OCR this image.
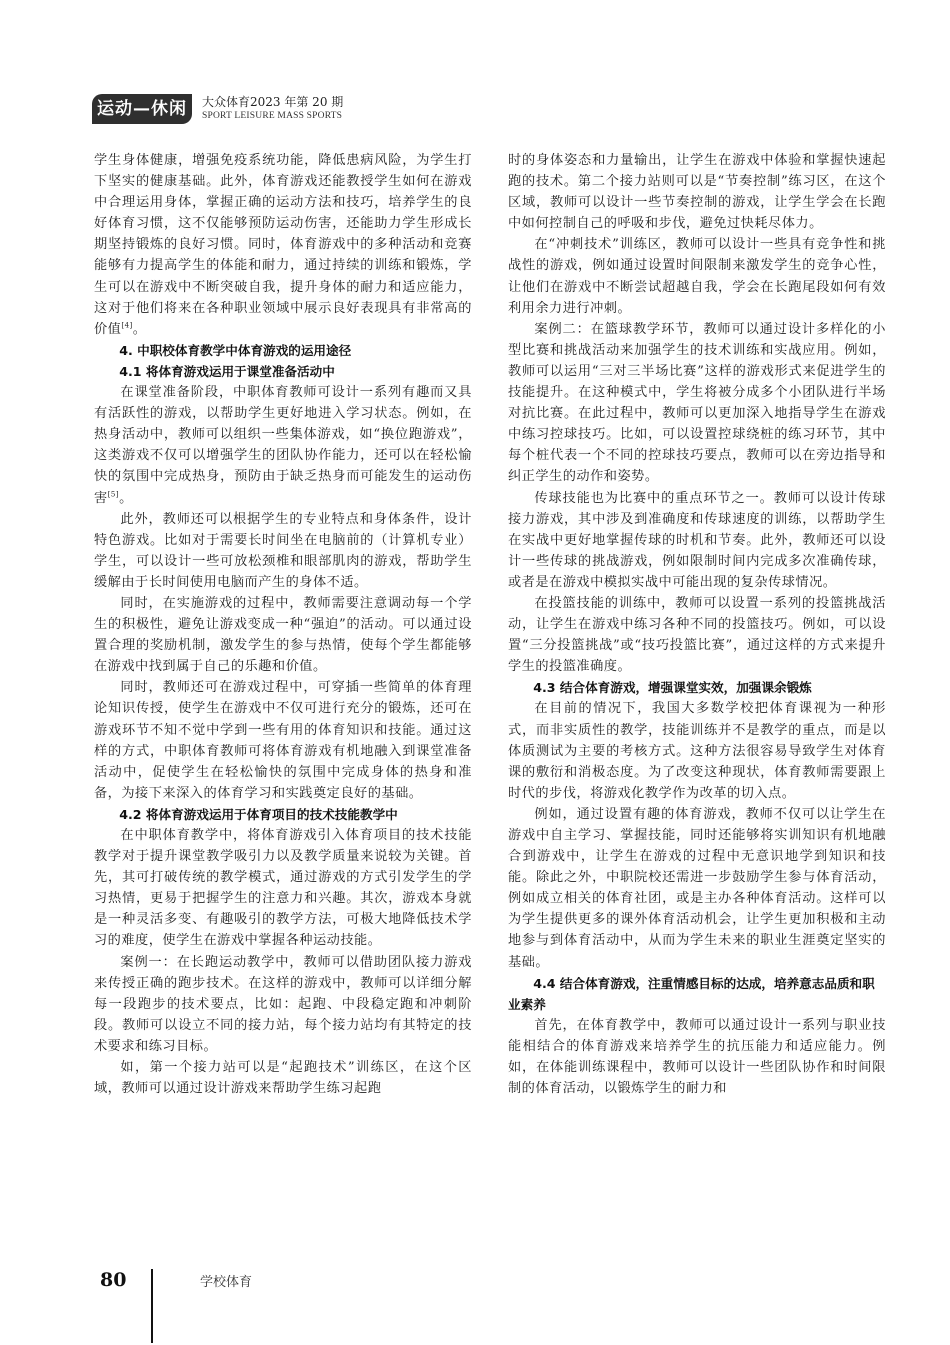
运动—休闲	大众体育2023 年第 20 期
SPORT LEISURE MASS SPORTS

学生身体健康，增强免疫系统功能，降低患病风险，为学生打下坚实的健康基础。此外，体育游戏还能教授学生如何在游戏中合理运用身体，掌握正确的运动方法和技巧，培养学生的良好体育习惯，这不仅能够预防运动伤害，还能助力学生形成长期坚持锻炼的良好习惯。同时，体育游戏中的多种活动和竞赛能够有力提高学生的体能和耐力，通过持续的训练和锻炼，学生可以在游戏中不断突破自我，提升身体的耐力和适应能力，这对于他们将来在各种职业领域中展示良好表现具有非常高的价值[4]。

4. 中职校体育教学中体育游戏的运用途径
4.1 将体育游戏运用于课堂准备活动中

在课堂准备阶段，中职体育教师可设计一系列有趣而又具有活跃性的游戏，以帮助学生更好地进入学习状态。例如，在热身活动中，教师可以组织一些集体游戏，如“换位跑游戏”，这类游戏不仅可以增强学生的团队协作能力，还可以在轻松愉快的氛围中完成热身，预防由于缺乏热身而可能发生的运动伤害[5]。

此外，教师还可以根据学生的专业特点和身体条件，设计特色游戏。比如对于需要长时间坐在电脑前的（计算机专业）学生，可以设计一些可放松颈椎和眼部肌肉的游戏，帮助学生缓解由于长时间使用电脑而产生的身体不适。

同时，在实施游戏的过程中，教师需要注意调动每一个学生的积极性，避免让游戏变成一种“强迫”的活动。可以通过设置合理的奖励机制，激发学生的参与热情，使每个学生都能够在游戏中找到属于自己的乐趣和价值。

同时，教师还可在游戏过程中，可穿插一些简单的体育理论知识传授，使学生在游戏中不仅可进行充分的锻炼，还可在游戏环节不知不觉中学到一些有用的体育知识和技能。通过这样的方式，中职体育教师可将体育游戏有机地融入到课堂准备活动中，促使学生在轻松愉快的氛围中完成身体的热身和准备，为接下来深入的体育学习和实践奠定良好的基础。

4.2 将体育游戏运用于体育项目的技术技能教学中

在中职体育教学中，将体育游戏引入体育项目的技术技能教学对于提升课堂教学吸引力以及教学质量来说较为关键。首先，其可打破传统的教学模式，通过游戏的方式引发学生的学习热情，更易于把握学生的注意力和兴趣。其次，游戏本身就是一种灵活多变、有趣吸引的教学方法，可极大地降低技术学习的难度，使学生在游戏中掌握各种运动技能。

案例一：在长跑运动教学中，教师可以借助团队接力游戏来传授正确的跑步技术。在这样的游戏中，教师可以详细分解每一段跑步的技术要点，比如：起跑、中段稳定跑和冲刺阶段。教师可以设立不同的接力站，每个接力站均有其特定的技术要求和练习目标。

如，第一个接力站可以是“起跑技术”训练区，在这个区域，教师可以通过设计游戏来帮助学生练习起跑

时的身体姿态和力量输出，让学生在游戏中体验和掌握快速起跑的技术。第二个接力站则可以是“节奏控制”练习区，在这个区域，教师可以设计一些节奏控制的游戏，让学生学会在长跑中如何控制自己的呼吸和步伐，避免过快耗尽体力。

在“冲刺技术”训练区，教师可以设计一些具有竞争性和挑战性的游戏，例如通过设置时间限制来激发学生的竞争心性，让他们在游戏中不断尝试超越自我，学会在长跑尾段如何有效利用余力进行冲刺。

案例二：在篮球教学环节，教师可以通过设计多样化的小型比赛和挑战活动来加强学生的技术训练和实战应用。例如，教师可以运用“三对三半场比赛”这样的游戏形式来促进学生的技能提升。在这种模式中，学生将被分成多个小团队进行半场对抗比赛。在此过程中，教师可以更加深入地指导学生在游戏中练习控球技巧。比如，可以设置控球绕桩的练习环节，其中每个桩代表一个不同的控球技巧要点，教师可以在旁边指导和纠正学生的动作和姿势。

传球技能也为比赛中的重点环节之一。教师可以设计传球接力游戏，其中涉及到准确度和传球速度的训练，以帮助学生在实战中更好地掌握传球的时机和节奏。此外，教师还可以设计一些传球的挑战游戏，例如限制时间内完成多次准确传球，或者是在游戏中模拟实战中可能出现的复杂传球情况。

在投篮技能的训练中，教师可以设置一系列的投篮挑战活动，让学生在游戏中练习各种不同的投篮技巧。例如，可以设置“三分投篮挑战”或“技巧投篮比赛”，通过这样的方式来提升学生的投篮准确度。

4.3 结合体育游戏，增强课堂实效，加强课余锻炼

在目前的情况下，我国大多数学校把体育课视为一种形式，而非实质性的教学，技能训练并不是教学的重点，而是以体质测试为主要的考核方式。这种方法很容易导致学生对体育课的敷衍和消极态度。为了改变这种现状，体育教师需要跟上时代的步伐，将游戏化教学作为改革的切入点。

例如，通过设置有趣的体育游戏，教师不仅可以让学生在游戏中自主学习、掌握技能，同时还能够将实训知识有机地融合到游戏中，让学生在游戏的过程中无意识地学到知识和技能。除此之外，中职院校还需进一步鼓励学生参与体育活动，例如成立相关的体育社团，或是主办各种体育活动。这样可以为学生提供更多的课外体育活动机会，让学生更加积极和主动地参与到体育活动中，从而为学生未来的职业生涯奠定坚实的基础。

4.4 结合体育游戏，注重情感目标的达成，培养意志品质和职业素养

首先，在体育教学中，教师可以通过设计一系列与职业技能相结合的体育游戏来培养学生的抗压能力和适应能力。例如，在体能训练课程中，教师可以设计一些团队协作和时间限制的体育活动，以锻炼学生的耐力和

80	学校体育
